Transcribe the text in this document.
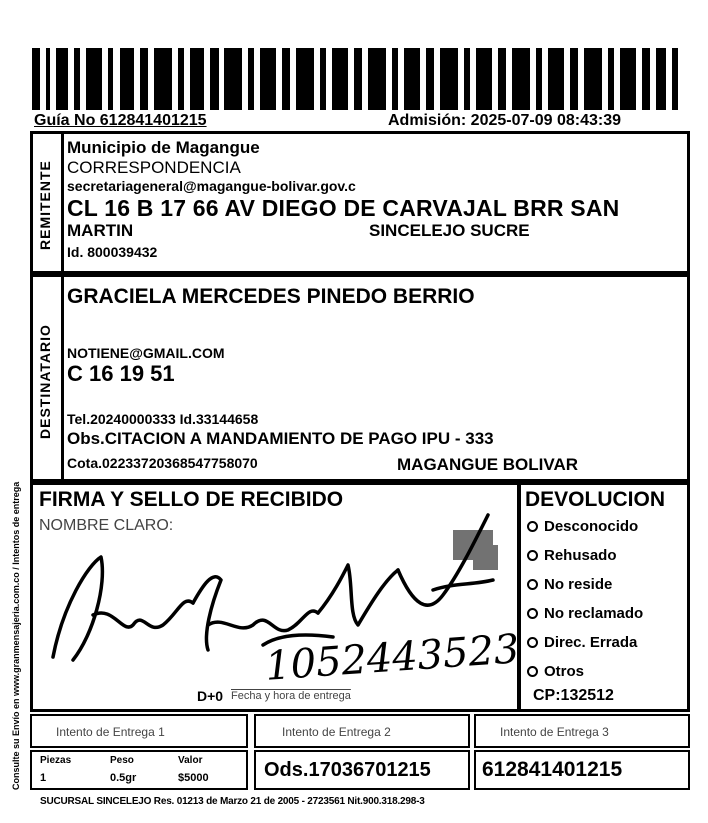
Guía No 612841401215	Admisión: 2025-07-09 08:43:39
REMITENTE
Municipio de Magangue
CORRESPONDENCIA
secretariageneral@magangue-bolivar.gov.c
CL 16 B 17 66 AV DIEGO DE CARVAJAL BRR SAN
MARTIN	SINCELEJO SUCRE
Id. 800039432
DESTINATARIO
GRACIELA MERCEDES PINEDO BERRIO
NOTIENE@GMAIL.COM
C 16 19 51
Tel.20240000333 Id.33144658
Obs.CITACION A MANDAMIENTO DE PAGO IPU - 333
Cota.02233720368547758070	MAGANGUE BOLIVAR
FIRMA Y SELLO DE RECIBIDO
NOMBRE CLARO:
1052443523
D+0 Fecha y hora de entrega
DEVOLUCION
Desconocido
Rehusado
No reside
No reclamado
Direc. Errada
Otros
CP:132512
Intento de Entrega 1	Intento de Entrega 2	Intento de Entrega 3
Piezas	Peso	Valor
1	0.5gr	$5000	Ods.17036701215 612841401215
SUCURSAL SINCELEJO Res. 01213 de Marzo 21 de 2005 - 2723561 Nit.900.318.298-3
Consulte su Envío en www.granmensajeria.com.co / Intentos de entrega
